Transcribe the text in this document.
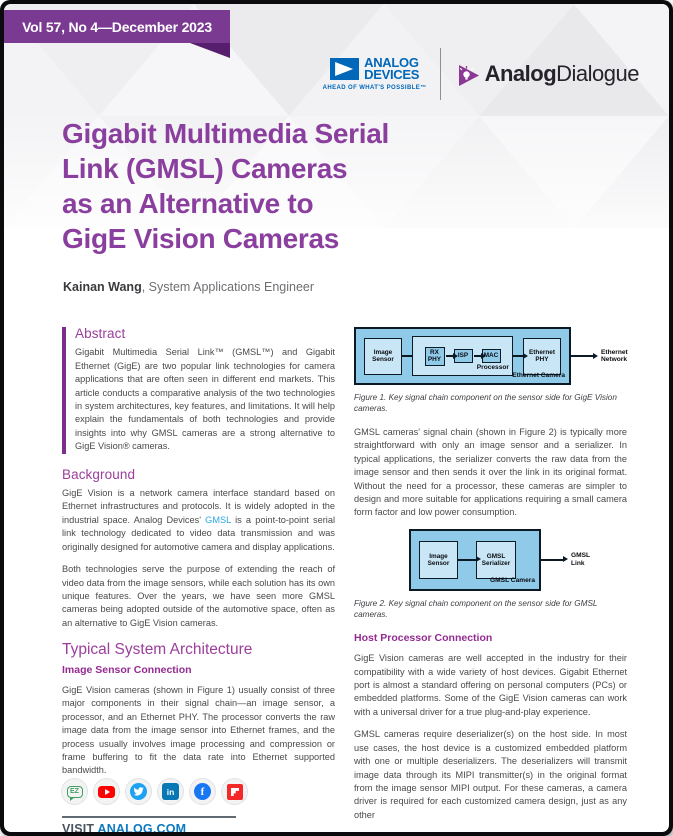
Vol 57, No 4—December 2023
ANALOG
DEVICES
AHEAD OF WHAT'S POSSIBLE™
AnalogDialogue
Gigabit Multimedia Serial
Link (GMSL) Cameras
as an Alternative to
GigE Vision Cameras
Kainan Wang, System Applications Engineer
Abstract

Gigabit Multimedia Serial Link™ (GMSL™) and Gigabit Ethernet (GigE) are two popular link technologies for camera applications that are often seen in different end markets. This article conducts a comparative analysis of the two technologies in system architectures, key features, and limitations. It will help explain the fundamentals of both technologies and provide insights into why GMSL cameras are a strong alternative to GigE Vision® cameras.

Background

GigE Vision is a network camera interface standard based on Ethernet infrastructures and protocols. It is widely adopted in the industrial space. Analog Devices' GMSL is a point-to-point serial link technology dedicated to video data transmission and was originally designed for automotive camera and display applications.

Both technologies serve the purpose of extending the reach of video data from the image sensors, while each solution has its own unique features. Over the years, we have seen more GMSL cameras being adopted outside of the automotive space, often as an alternative to GigE Vision cameras.

Typical System Architecture
Image Sensor Connection

GigE Vision cameras (shown in Figure 1) usually consist of three major components in their signal chain—an image sensor, a processor, and an Ethernet PHY. The processor converts the raw image data from the image sensor into Ethernet frames, and the process usually involves image processing and compression or frame buffering to fit the data rate into Ethernet supported bandwidth.

Image Sensor
RX PHY
ISP	MAC
Processor
Ethernet PHY
Ethernet Camera
Ethernet Network
Figure 1. Key signal chain component on the sensor side for GigE Vision cameras.

GMSL cameras' signal chain (shown in Figure 2) is typically more straightforward with only an image sensor and a serializer. In typical applications, the serializer converts the raw data from the image sensor and then sends it over the link in its original format. Without the need for a processor, these cameras are simpler to design and more suitable for applications requiring a small camera form factor and low power consumption.

Image Sensor
GMSL Serializer
GMSL Camera
GMSL Link
Figure 2. Key signal chain component on the sensor side for GMSL cameras.
Host Processor Connection

GigE Vision cameras are well accepted in the industry for their compatibility with a wide variety of host devices. Gigabit Ethernet port is almost a standard offering on personal computers (PCs) or embedded platforms. Some of the GigE Vision cameras can work with a universal driver for a true plug-and-play experience.

GMSL cameras require deserializer(s) on the host side. In most use cases, the host device is a customized embedded platform with one or multiple deserializers. The deserializers will transmit image data through its MIPI transmitter(s) in the original format from the image sensor MIPI output. For these cameras, a camera driver is required for each customized camera design, just as any other

EZ	in f
VISIT ANALOG.COM
